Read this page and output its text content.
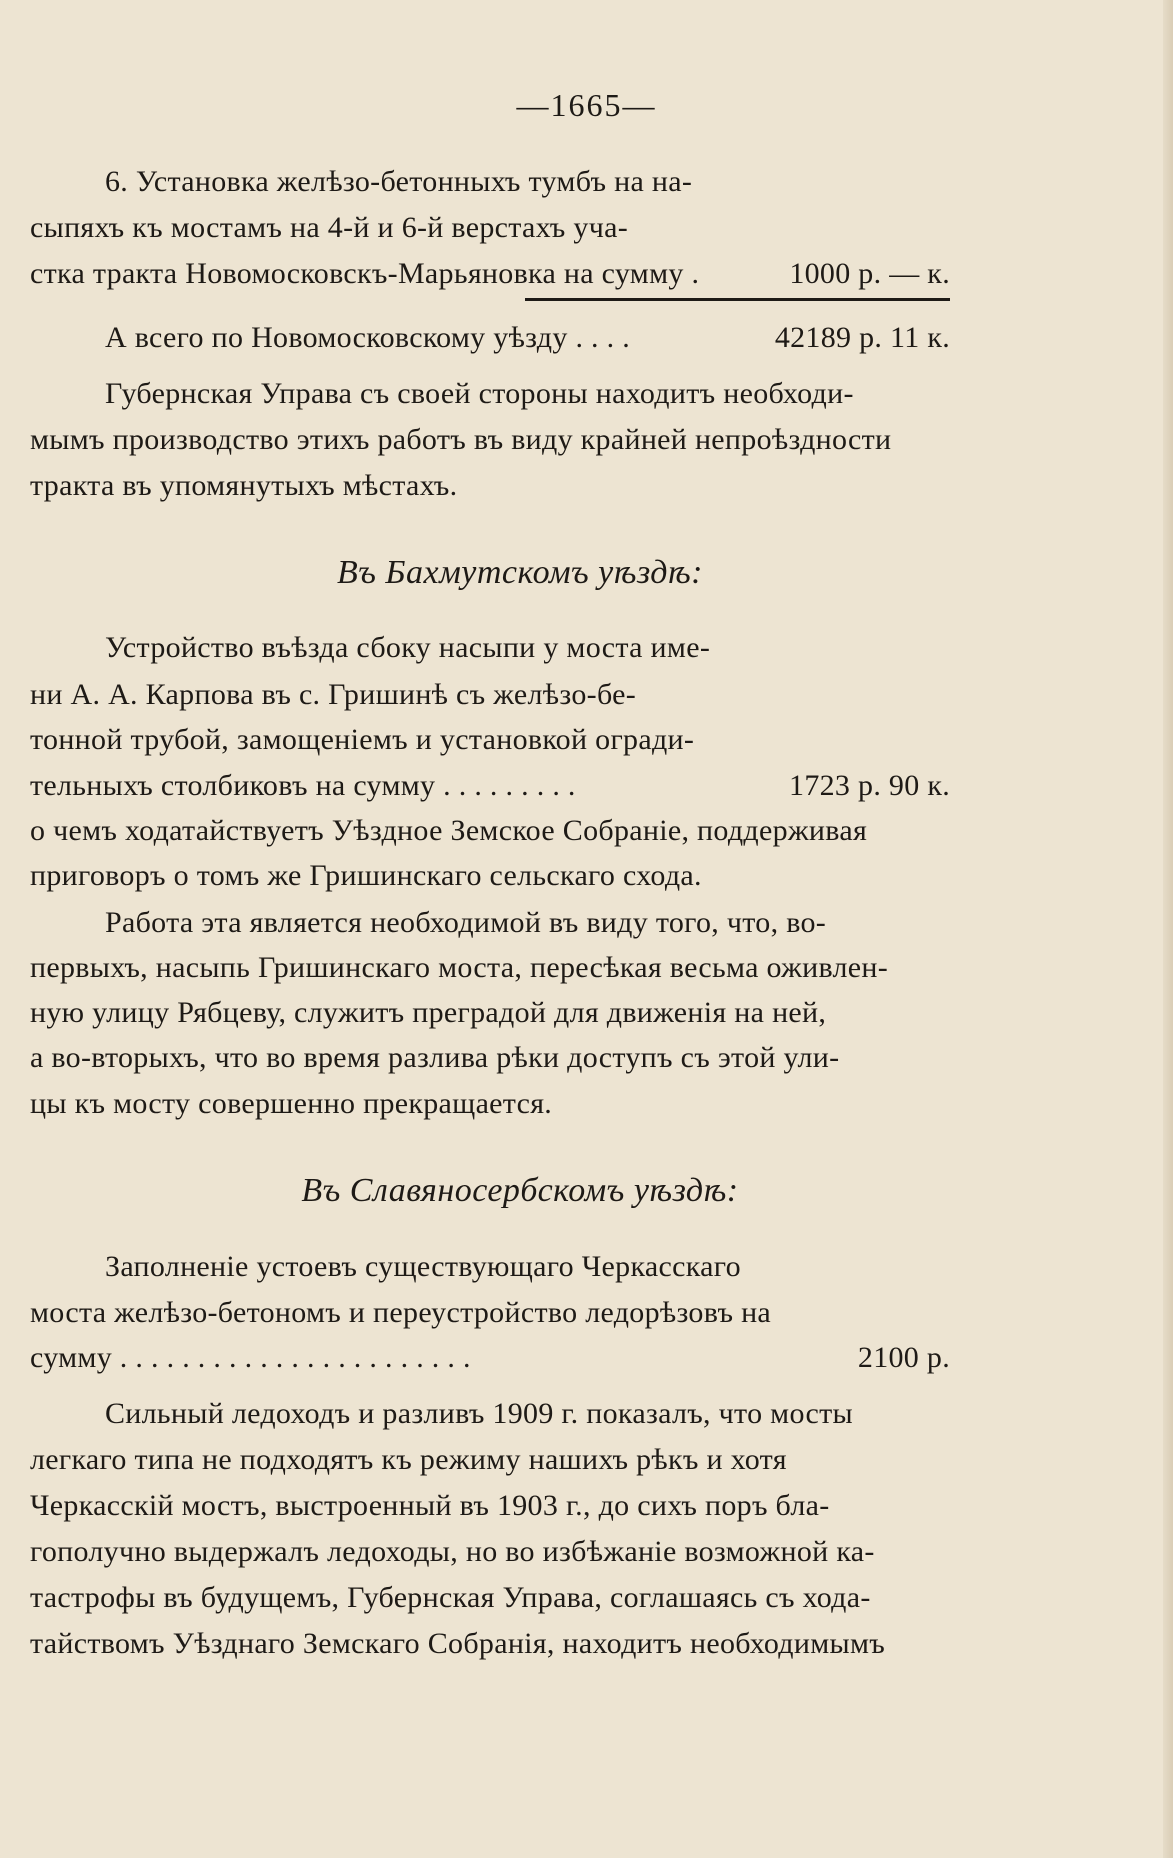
—1665—
6. Установка желѣзо-бетонныхъ тумбъ на на-
сыпяхъ къ мостамъ на 4-й и 6-й верстахъ уча-
стка тракта Новомосковскъ-Марьяновка на сумму .	1000 р. — к.
А всего по Новомосковскому уѣзду . . . .	42189 р. 11 к.
Губернская Управа съ своей стороны находитъ необходи-
мымъ производство этихъ работъ въ виду крайней непроѣздности
тракта въ упомянутыхъ мѣстахъ.
Въ Бахмутскомъ уѣздѣ:
Устройство въѣзда сбоку насыпи у моста име-
ни А. А. Карпова въ с. Гришинѣ съ желѣзо-бе-
тонной трубой, замощеніемъ и установкой огради-
тельныхъ столбиковъ на сумму . . . . . . . . .	1723 р. 90 к.
о чемъ ходатайствуетъ Уѣздное Земское Собраніе, поддерживая
приговоръ о томъ же Гришинскаго сельскаго схода.
Работа эта является необходимой въ виду того, что, во-
первыхъ, насыпь Гришинскаго моста, пересѣкая весьма оживлен-
ную улицу Рябцеву, служитъ преградой для движенія на ней,
а во-вторыхъ, что во время разлива рѣки доступъ съ этой ули-
цы къ мосту совершенно прекращается.
Въ Славяносербскомъ уѣздѣ:
Заполненіе устоевъ существующаго Черкасскаго
моста желѣзо-бетономъ и переустройство ледорѣзовъ на
сумму . . . . . . . . . . . . . . . . . . . . . . .	2100 р.
Сильный ледоходъ и разливъ 1909 г. показалъ, что мосты
легкаго типа не подходятъ къ режиму нашихъ рѣкъ и хотя
Черкасскій мостъ, выстроенный въ 1903 г., до сихъ поръ бла-
гополучно выдержалъ ледоходы, но во избѣжаніе возможной ка-
тастрофы въ будущемъ, Губернская Управа, соглашаясь съ хода-
тайствомъ Уѣзднаго Земскаго Собранія, находитъ необходимымъ
